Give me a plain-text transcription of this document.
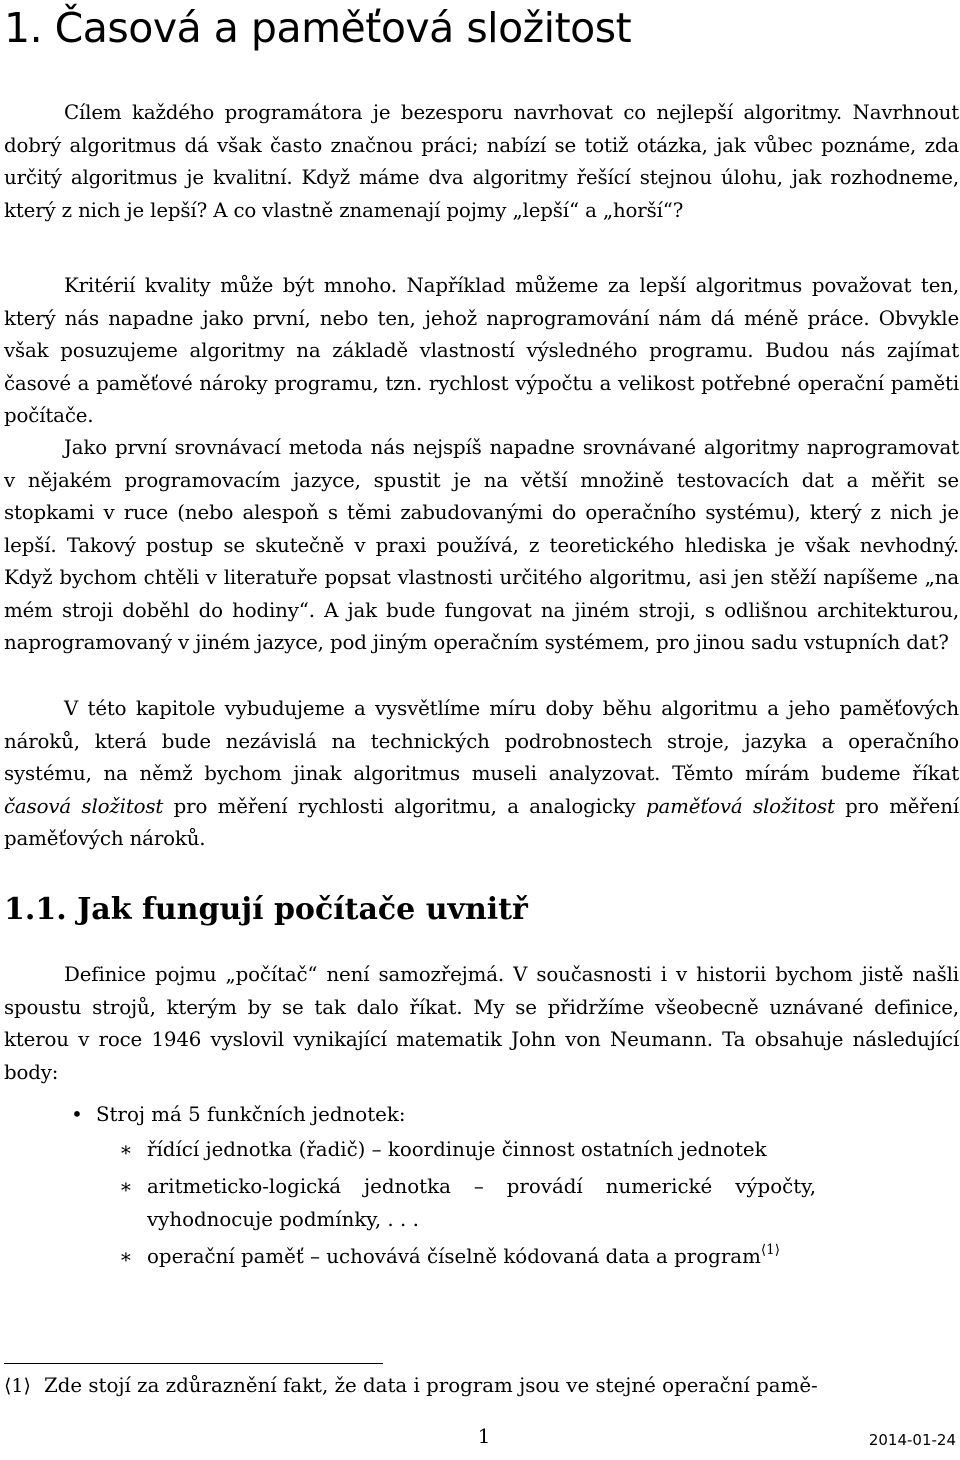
1. Časová a paměťová složitost

Cílem každého programátora je bezesporu navrhovat co nejlepší algoritmy. Navrhnout dobrý algoritmus dá však často značnou práci; nabízí se totiž otázka, jak vůbec poznáme, zda určitý algoritmus je kvalitní. Když máme dva algoritmy řešící stejnou úlohu, jak rozhodneme, který z nich je lepší? A co vlastně znamenají pojmy „lepší“ a „horší“?

Kritérií kvality může být mnoho. Například můžeme za lepší algoritmus považovat ten, který nás napadne jako první, nebo ten, jehož naprogramování nám dá méně práce. Obvykle však posuzujeme algoritmy na základě vlastností výsledného programu. Budou nás zajímat časové a paměťové nároky programu, tzn. rychlost výpočtu a velikost potřebné operační paměti počítače.

Jako první srovnávací metoda nás nejspíš napadne srovnávané algoritmy naprogramovat v nějakém programovacím jazyce, spustit je na větší množině testovacích dat a měřit se stopkami v ruce (nebo alespoň s těmi zabudovanými do operačního systému), který z nich je lepší. Takový postup se skutečně v praxi používá, z teoretického hlediska je však nevhodný. Když bychom chtěli v literatuře popsat vlastnosti určitého algoritmu, asi jen stěží napíšeme „na mém stroji doběhl do hodiny“. A jak bude fungovat na jiném stroji, s odlišnou architekturou, naprogramovaný v jiném jazyce, pod jiným operačním systémem, pro jinou sadu vstupních dat?

V této kapitole vybudujeme a vysvětlíme míru doby běhu algoritmu a jeho paměťových nároků, která bude nezávislá na technických podrobnostech stroje, jazyka a operačního systému, na němž bychom jinak algoritmus museli analyzovat. Těmto mírám budeme říkat časová složitost pro měření rychlosti algoritmu, a analogicky paměťová složitost pro měření paměťových nároků.

1.1. Jak fungují počítače uvnitř

Definice pojmu „počítač“ není samozřejmá. V současnosti i v historii bychom jistě našli spoustu strojů, kterým by se tak dalo říkat. My se přidržíme všeobecně uznávané definice, kterou v roce 1946 vyslovil vynikající matematik John von Neumann. Ta obsahuje následující body:

• Stroj má 5 funkčních jednotek:
∗ řídící jednotka (řadič) – koordinuje činnost ostatních jednotek
∗ aritmeticko-logická jednotka – provádí numerické výpočty, vyhodnocuje podmínky, . . .
∗ operační paměť – uchovává číselně kódovaná data a program$^{⟨1⟩}$

⟨1⟩ Zde stojí za zdůraznění fakt, že data i program jsou ve stejné operační pamě-

1	2014-01-24
